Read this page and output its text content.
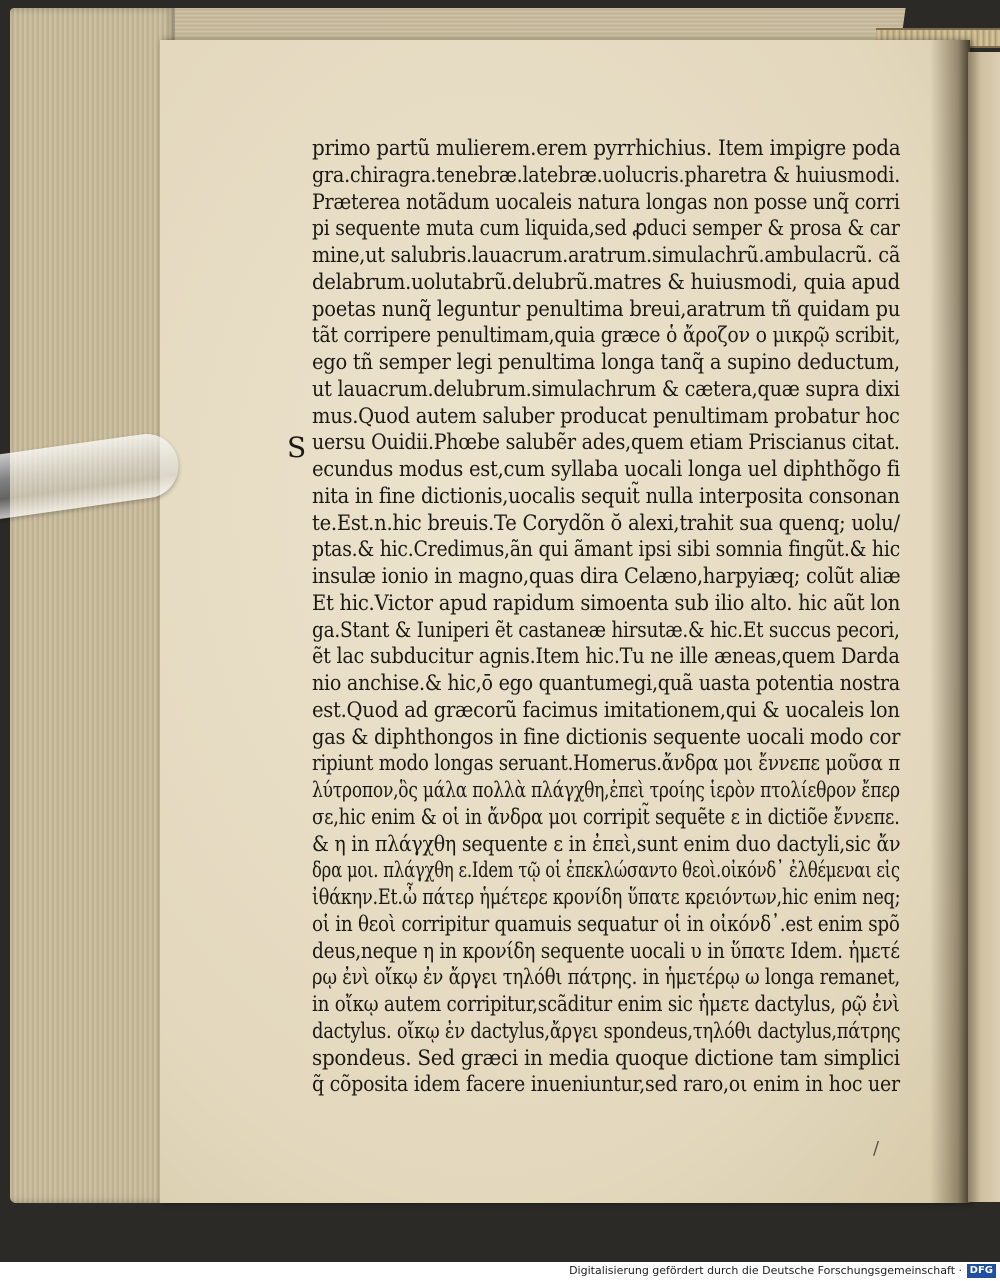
S
primo partũ mulierem.erem pyrrhichius. Item impigre poda
gra.chiragra.tenebræ.latebræ.uolucris.pharetra & huiusmodi.
Præterea notãdum uocaleis natura longas non posse unq̃ corri
pi sequente muta cum liquida,sed ꝓduci semper & prosa & car
mine,ut salubris.lauacrum.aratrum.simulachrũ.ambulacrũ. cã
delabrum.uolutabrũ.delubrũ.matres & huiusmodi, quia apud
poetas nunq̃ leguntur penultima breui,aratrum tñ quidam pu
tãt corripere penultimam,quia græce ὁ ἄροζον ο μικρῷ scribit,
ego tñ semper legi penultima longa tanq̃ a supino deductum,
ut lauacrum.delubrum.simulachrum & cætera,quæ supra dixi
mus.Quod autem saluber producat penultimam probatur hoc
uersu Ouidii.Phœbe salubẽr ades,quem etiam Priscianus citat.
ecundus modus est,cum syllaba uocali longa uel diphthõgo fi
nita in fine dictionis,uocalis sequit̃ nulla interposita consonan
te.Est.n.hic breuis.Te Corydõn ŏ alexi,trahit sua quenq; uolu/
ptas.& hic.Credimus,ãn qui ãmant ipsi sibi somnia fingũt.& hic
insulæ ionio in magno,quas dira Celæno,harpyiæq; colũt aliæ
Et hic.Victor apud rapidum simoenta sub ilio alto. hic aũt lon
ga.Stant & Iuniperi ẽt castaneæ hirsutæ.& hic.Et succus pecori,
ẽt lac subducitur agnis.Item hic.Tu ne ille æneas,quem Darda
nio anchise.& hic,ō ego quantumegi,quã uasta potentia nostra
est.Quod ad græcorũ facimus imitationem,qui & uocaleis lon
gas & diphthongos in fine dictionis sequente uocali modo cor
ripiunt modo longas seruant.Homerus.ἄνδρα μοι ἔννεπε μοῦσα π
λύτροπον,ὃς μάλα πολλὰ πλάγχθη,ἐπεὶ τροίης ἱερὸν πτολίεθρον ἔπερ
σε,hic enim & οἱ in ἄνδρα μοι corripit̃ sequẽte ε in dictiõe ἔννεπε.
& η in πλάγχθη sequente ε in ἐπεὶ,sunt enim duo dactyli,sic ἄν
δρα μοι. πλάγχθη ε.Idem τῷ οἱ ἐπεκλώσαντο θεοὶ.οἰκόνδ᾽ ἐλθέμεναι εἰς
ἰθάκην.Et.ὦ πάτερ ἡμέτερε κρονίδη ὕπατε κρειόντων,hic enim neq;
οἱ in θεοὶ corripitur quamuis sequatur οἱ in οἰκόνδ᾽.est enim spõ
deus,neque η in κρονίδη sequente uocali υ in ὕπατε Idem. ἡμετέ
ρῳ ἐνὶ οἴκῳ ἐν ἄργει τηλόθι πάτρης. in ἡμετέρῳ ω longa remanet,
in οἴκῳ autem corripitur,scãditur enim sic ἡμετε dactylus, ρῷ ἐνὶ
dactylus. οἴκῳ ἐν dactylus,ἄργει spondeus,τηλόθι dactylus,πάτρης
spondeus. Sed græci in media quoque dictione tam simplici
q̃ cõposita idem facere inueniuntur,sed raro,οι enim in hoc uer
/
Digitalisierung gefördert durch die Deutsche Forschungsgemeinschaft · DFG
